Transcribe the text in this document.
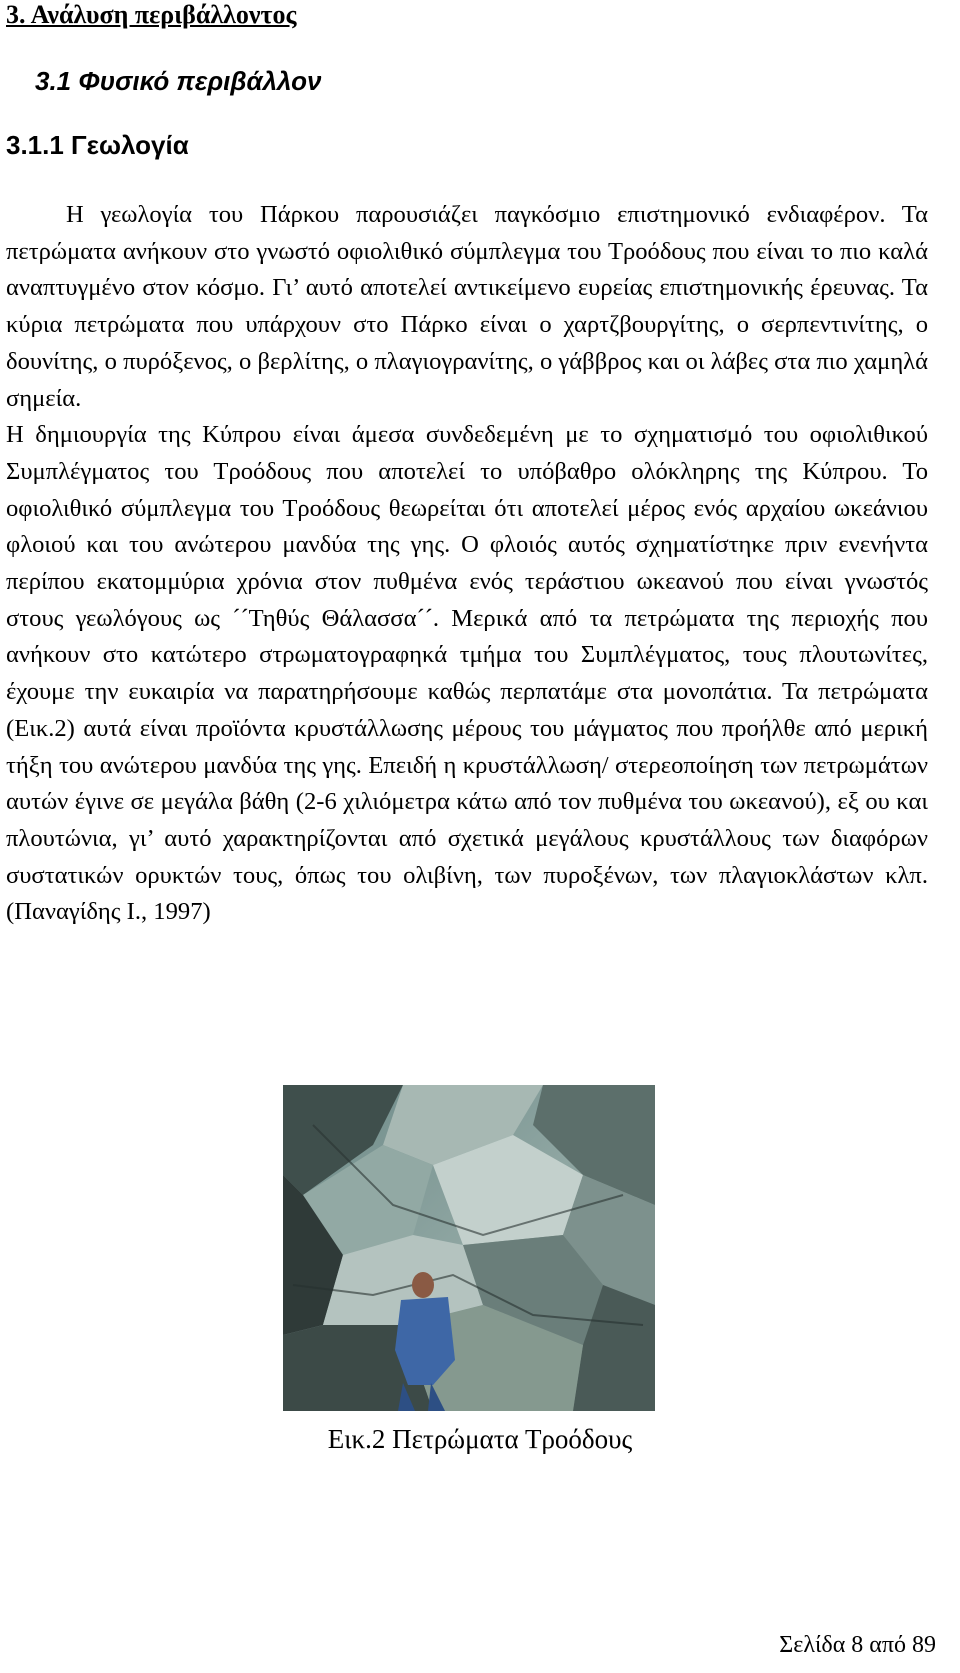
3. Ανάλυση περιβάλλοντος
3.1 Φυσικό περιβάλλον
3.1.1 Γεωλογία

Η γεωλογία του Πάρκου παρουσιάζει παγκόσμιο επιστημονικό ενδιαφέρον. Τα πετρώματα ανήκουν στο γνωστό οφιολιθικό σύμπλεγμα του Τροόδους που είναι το πιο καλά αναπτυγμένο στον κόσμο. Γι’ αυτό αποτελεί αντικείμενο ευρείας επιστημονικής έρευνας. Τα κύρια πετρώματα που υπάρχουν στο Πάρκο είναι ο χαρτζβουργίτης, ο σερπεντινίτης, ο δουνίτης, ο πυρόξενος, ο βερλίτης, ο πλαγιογρανίτης, ο γάββρος και οι λάβες στα πιο χαμηλά σημεία.

Η δημιουργία της Κύπρου είναι άμεσα συνδεδεμένη με το σχηματισμό του οφιολιθικού Συμπλέγματος του Τροόδους που αποτελεί το υπόβαθρο ολόκληρης της Κύπρου. Το οφιολιθικό σύμπλεγμα του Τροόδους θεωρείται ότι αποτελεί μέρος ενός αρχαίου ωκεάνιου φλοιού και του ανώτερου μανδύα της γης. Ο φλοιός αυτός σχηματίστηκε πριν ενενήντα περίπου εκατομμύρια χρόνια στον πυθμένα ενός τεράστιου ωκεανού που είναι γνωστός στους γεωλόγους ως ´´Τηθύς Θάλασσα´´. Μερικά από τα πετρώματα της περιοχής που ανήκουν στο κατώτερο στρωματογραφηκά τμήμα του Συμπλέγματος, τους πλουτωνίτες, έχουμε την ευκαιρία να παρατηρήσουμε καθώς περπατάμε στα μονοπάτια. Τα πετρώματα (Εικ.2) αυτά είναι προϊόντα κρυστάλλωσης μέρους του μάγματος που προήλθε από μερική τήξη του ανώτερου μανδύα της γης. Επειδή η κρυστάλλωση/ στερεοποίηση των πετρωμάτων αυτών έγινε σε μεγάλα βάθη (2-6 χιλιόμετρα κάτω από τον πυθμένα του ωκεανού), εξ ου και πλουτώνια, γι’ αυτό χαρακτηρίζονται από σχετικά μεγάλους κρυστάλλους των διαφόρων συστατικών ορυκτών τους, όπως του ολιβίνη, των πυροξένων, των πλαγιοκλάστων κλπ. (Παναγίδης Ι., 1997)

Εικ.2 Πετρώματα Τροόδους
Σελίδα 8 από 89
